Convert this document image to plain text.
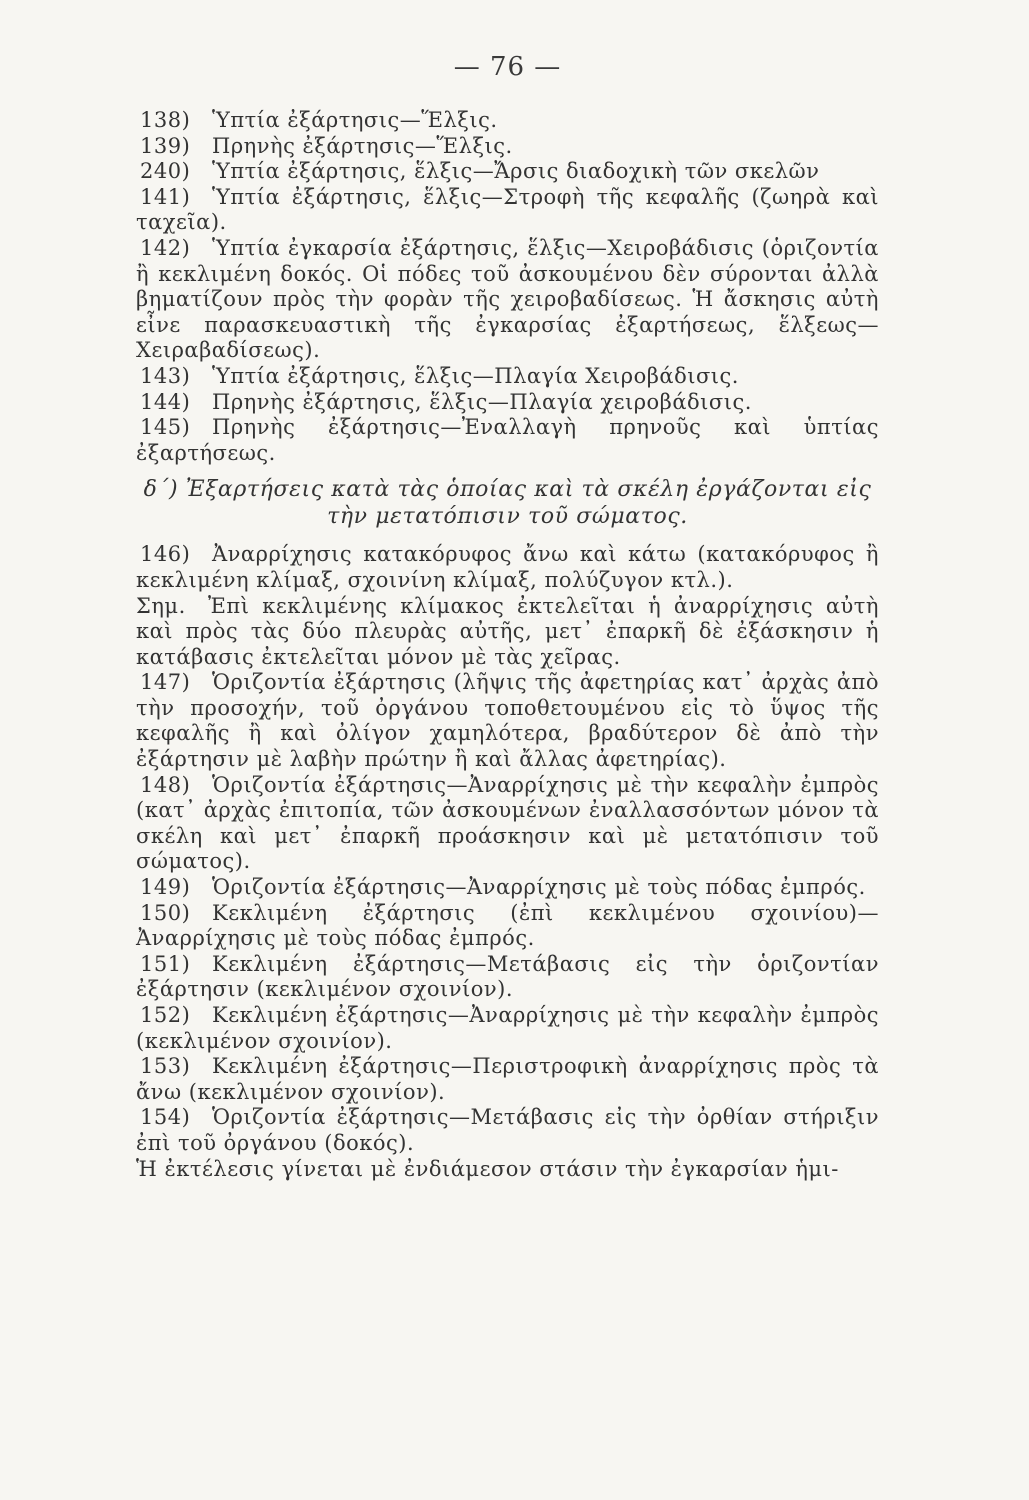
— 76 —
138) Ὑπτία ἐξάρτησις—Ἕλξις.
139) Πρηνὴς ἐξάρτησις—Ἕλξις.
240) Ὑπτία ἐξάρτησις, ἕλξις—Ἄρσις διαδοχικὴ τῶν σκελῶν
141) Ὑπτία ἐξάρτησις, ἕλξις—Στροφὴ τῆς κεφαλῆς (ζωηρὰ καὶ ταχεῖα).
142) Ὑπτία ἐγκαρσία ἐξάρτησις, ἕλξις—Χειροβάδισις (ὁριζοντία ἢ κεκλιμένη δοκός. Οἱ πόδες τοῦ ἀσκουμένου δὲν σύρονται ἀλλὰ βηματίζουν πρὸς τὴν φορὰν τῆς χειροβαδίσεως. Ἡ ἄσκησις αὐτὴ εἶνε παρασκευαστικὴ τῆς ἐγκαρσίας ἐξαρτήσεως, ἕλξεως—Χειραβαδίσεως).
143) Ὑπτία ἐξάρτησις, ἕλξις—Πλαγία Χειροβάδισις.
144) Πρηνὴς ἐξάρτησις, ἕλξις—Πλαγία χειροβάδισις.
145) Πρηνὴς ἐξάρτησις—Ἐναλλαγὴ πρηνοῦς καὶ ὑπτίας ἐξαρτήσεως.
δ΄) Ἐξαρτήσεις κατὰ τὰς ὁποίας καὶ τὰ σκέλη ἐργάζονται εἰς τὴν μετατόπισιν τοῦ σώματος.
146) Ἀναρρίχησις κατακόρυφος ἄνω καὶ κάτω (κατακόρυφος ἢ κεκλιμένη κλίμαξ, σχοινίνη κλίμαξ, πολύζυγον κτλ.).
Σημ. Ἐπὶ κεκλιμένης κλίμακος ἐκτελεῖται ἡ ἀναρρίχησις αὐτὴ καὶ πρὸς τὰς δύο πλευρὰς αὐτῆς, μετ᾽ ἐπαρκῆ δὲ ἐξάσκησιν ἡ κατάβασις ἐκτελεῖται μόνον μὲ τὰς χεῖρας.
147) Ὁριζοντία ἐξάρτησις (λῆψις τῆς ἀφετηρίας κατ᾽ ἀρχὰς ἀπὸ τὴν προσοχήν, τοῦ ὀργάνου τοποθετουμένου εἰς τὸ ὕψος τῆς κεφαλῆς ἢ καὶ ὀλίγον χαμηλότερα, βραδύτερον δὲ ἀπὸ τὴν ἐξάρτησιν μὲ λαβὴν πρώτην ἢ καὶ ἄλλας ἀφετηρίας).
148) Ὁριζοντία ἐξάρτησις—Ἀναρρίχησις μὲ τὴν κεφαλὴν ἐμπρὸς (κατ᾽ ἀρχὰς ἐπιτοπία, τῶν ἀσκουμένων ἐναλλασσόντων μόνον τὰ σκέλη καὶ μετ᾽ ἐπαρκῆ προάσκησιν καὶ μὲ μετατόπισιν τοῦ σώματος).
149) Ὁριζοντία ἐξάρτησις—Ἀναρρίχησις μὲ τοὺς πόδας ἐμπρός.
150) Κεκλιμένη ἐξάρτησις (ἐπὶ κεκλιμένου σχοινίου)—Ἀναρρίχησις μὲ τοὺς πόδας ἐμπρός.
151) Κεκλιμένη ἐξάρτησις—Μετάβασις εἰς τὴν ὁριζοντίαν ἐξάρτησιν (κεκλιμένον σχοινίον).
152) Κεκλιμένη ἐξάρτησις—Ἀναρρίχησις μὲ τὴν κεφαλὴν ἐμπρὸς (κεκλιμένον σχοινίον).
153) Κεκλιμένη ἐξάρτησις—Περιστροφικὴ ἀναρρίχησις πρὸς τὰ ἄνω (κεκλιμένον σχοινίον).
154) Ὁριζοντία ἐξάρτησις—Μετάβασις εἰς τὴν ὀρθίαν στήριξιν ἐπὶ τοῦ ὀργάνου (δοκός).
Ἡ ἐκτέλεσις γίνεται μὲ ἐνδιάμεσον στάσιν τὴν ἐγκαρσίαν ἡμι-
